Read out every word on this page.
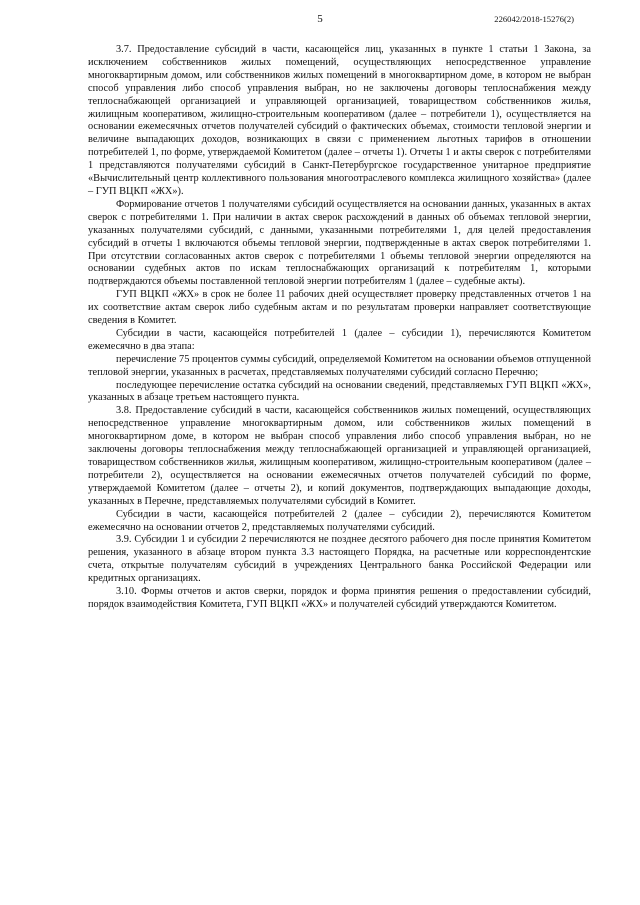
5	226042/2018-15276(2)

3.7. Предоставление субсидий в части, касающейся лиц, указанных в пункте 1 статьи 1 Закона, за исключением собственников жилых помещений, осуществляющих непосредственное управление многоквартирным домом, или собственников жилых помещений в многоквартирном доме, в котором не выбран способ управления либо способ управления выбран, но не заключены договоры теплоснабжения между теплоснабжающей организацией и управляющей организацией, товариществом собственников жилья, жилищным кооперативом, жилищно-строительным кооперативом (далее – потребители 1), осуществляется на основании ежемесячных отчетов получателей субсидий о фактических объемах, стоимости тепловой энергии и величине выпадающих доходов, возникающих в связи с применением льготных тарифов в отношении потребителей 1, по форме, утверждаемой Комитетом (далее – отчеты 1). Отчеты 1 и акты сверок с потребителями 1 представляются получателями субсидий в Санкт-Петербургское государственное унитарное предприятие «Вычислительный центр коллективного пользования многоотраслевого комплекса жилищного хозяйства» (далее – ГУП ВЦКП «ЖХ»).

Формирование отчетов 1 получателями субсидий осуществляется на основании данных, указанных в актах сверок с потребителями 1. При наличии в актах сверок расхождений в данных об объемах тепловой энергии, указанных получателями субсидий, с данными, указанными потребителями 1, для целей предоставления субсидий в отчеты 1 включаются объемы тепловой энергии, подтвержденные в актах сверок потребителями 1. При отсутствии согласованных актов сверок с потребителями 1 объемы тепловой энергии определяются на основании судебных актов по искам теплоснабжающих организаций к потребителям 1, которыми подтверждаются объемы поставленной тепловой энергии потребителям 1 (далее – судебные акты).

ГУП ВЦКП «ЖХ» в срок не более 11 рабочих дней осуществляет проверку представленных отчетов 1 на их соответствие актам сверок либо судебным актам и по результатам проверки направляет соответствующие сведения в Комитет.

Субсидии в части, касающейся потребителей 1 (далее – субсидии 1), перечисляются Комитетом ежемесячно в два этапа:

перечисление 75 процентов суммы субсидий, определяемой Комитетом на основании объемов отпущенной тепловой энергии, указанных в расчетах, представляемых получателями субсидий согласно Перечню;

последующее перечисление остатка субсидий на основании сведений, представляемых ГУП ВЦКП «ЖХ», указанных в абзаце третьем настоящего пункта.

3.8. Предоставление субсидий в части, касающейся собственников жилых помещений, осуществляющих непосредственное управление многоквартирным домом, или собственников жилых помещений в многоквартирном доме, в котором не выбран способ управления либо способ управления выбран, но не заключены договоры теплоснабжения между теплоснабжающей организацией и управляющей организацией, товариществом собственников жилья, жилищным кооперативом, жилищно-строительным кооперативом (далее – потребители 2), осуществляется на основании ежемесячных отчетов получателей субсидий по форме, утверждаемой Комитетом (далее – отчеты 2), и копий документов, подтверждающих выпадающие доходы, указанных в Перечне, представляемых получателями субсидий в Комитет.

Субсидии в части, касающейся потребителей 2 (далее – субсидии 2), перечисляются Комитетом ежемесячно на основании отчетов 2, представляемых получателями субсидий.

3.9. Субсидии 1 и субсидии 2 перечисляются не позднее десятого рабочего дня после принятия Комитетом решения, указанного в абзаце втором пункта 3.3 настоящего Порядка, на расчетные или корреспондентские счета, открытые получателям субсидий в учреждениях Центрального банка Российской Федерации или кредитных организациях.

3.10. Формы отчетов и актов сверки, порядок и форма принятия решения о предоставлении субсидий, порядок взаимодействия Комитета, ГУП ВЦКП «ЖХ» и получателей субсидий утверждаются Комитетом.
